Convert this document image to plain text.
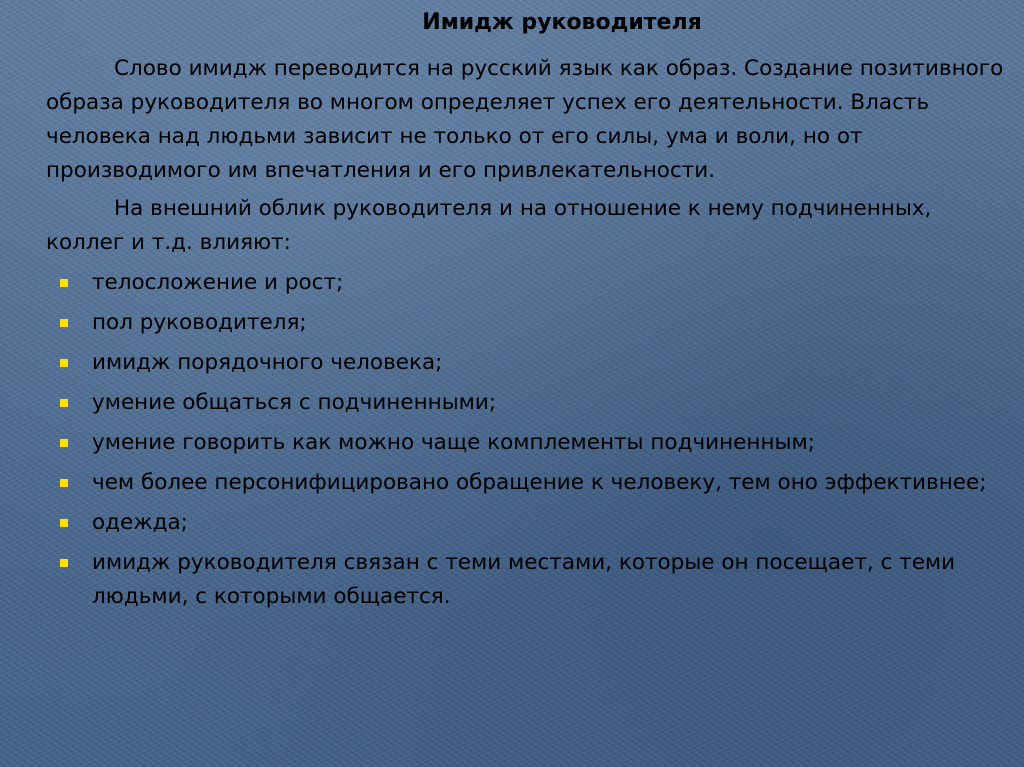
Имидж руководителя

Слово имидж переводится на русский язык как образ. Создание позитивного образа руководителя во многом определяет успех его деятельности. Власть человека над людьми зависит не только от его силы, ума и воли, но от производимого им впечатления и его привлекательности.

На внешний облик руководителя и на отношение к нему подчиненных, коллег и т.д. влияют:

телосложение и рост;
пол руководителя;
имидж порядочного человека;
умение общаться с подчиненными;
умение говорить как можно чаще комплементы подчиненным;
чем более персонифицировано обращение к человеку, тем оно эффективнее;
одежда;
имидж руководителя связан с теми местами, которые он посещает, с теми людьми, с которыми общается.
